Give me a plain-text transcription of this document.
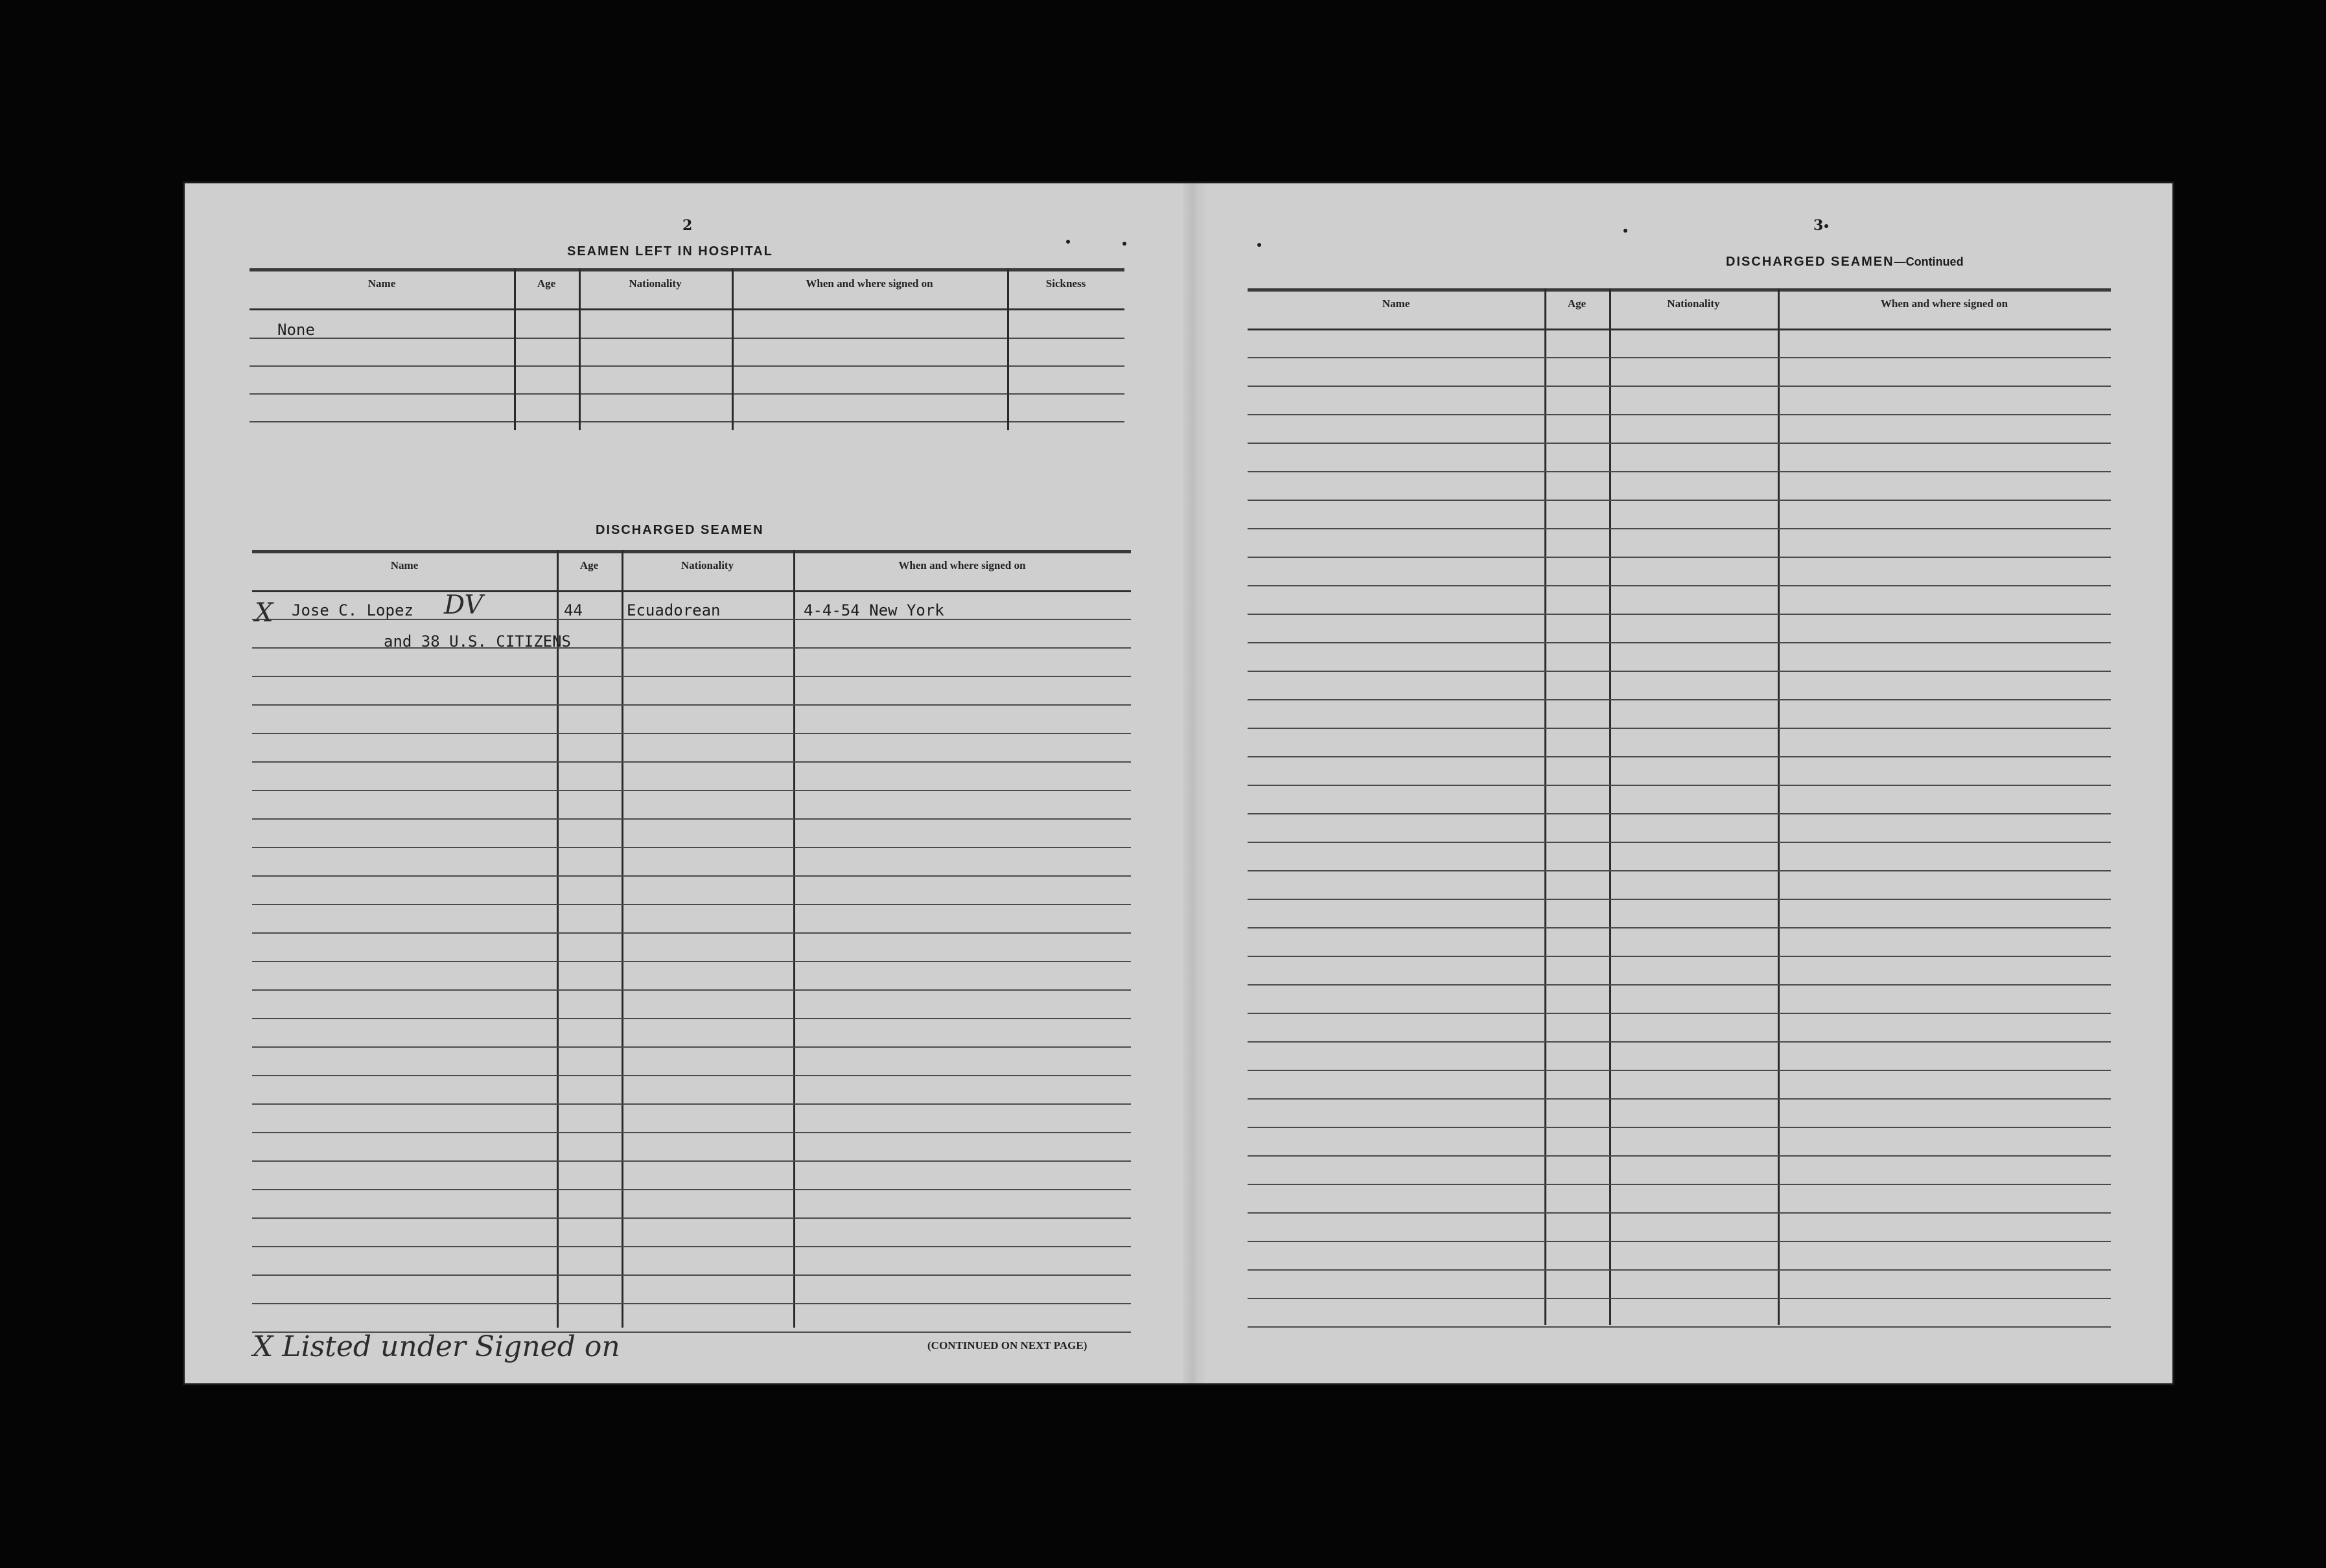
2
SEAMEN LEFT IN HOSPITAL
Name	Age	Nationality	When and where signed on	Sickness
None
DISCHARGED SEAMEN
Name	Age	Nationality	When and where signed on
X Jose C. Lopez DV	44	Ecuadorean	4-4-54 New York
and 38 U.S. CITIZENS
(CONTINUED ON NEXT PAGE)
X Listed under Signed on
3
DISCHARGED SEAMEN—Continued
Name	Age	Nationality	When and where signed on
